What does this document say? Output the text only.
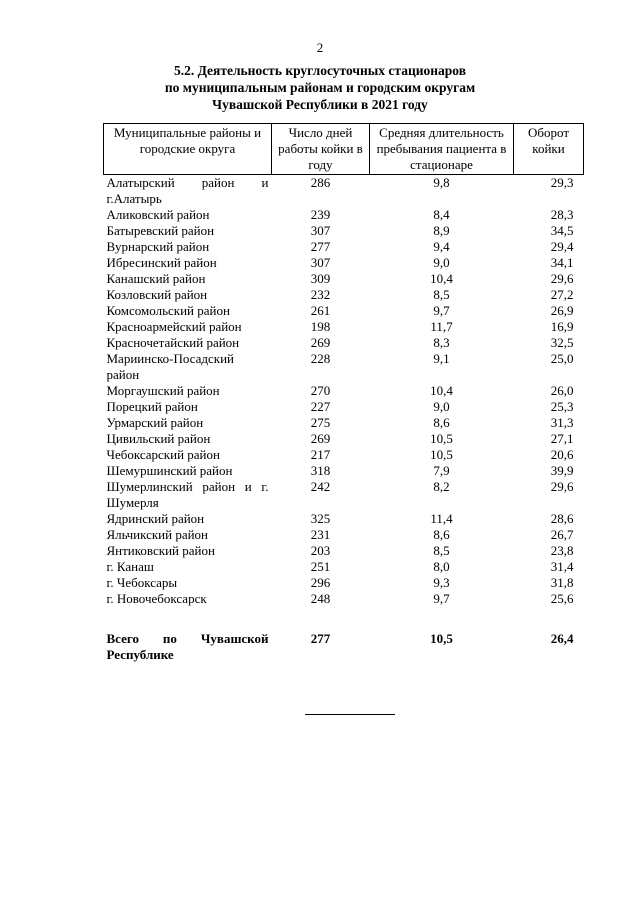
2
5.2. Деятельность круглосуточных стационаров
по муниципальным районам и городским округам
Чувашской Республики в 2021 году
Муниципальные районы и городские округа	Число дней работы койки в году	Средняя длительность пребывания пациента в стационаре	Оборот койки
Алатырский район и г.Алатырь	286	9,8	29,3
Аликовский район	239	8,4	28,3
Батыревский район	307	8,9	34,5
Вурнарский район	277	9,4	29,4
Ибресинский район	307	9,0	34,1
Канашский район	309	10,4	29,6
Козловский район	232	8,5	27,2
Комсомольский район	261	9,7	26,9
Красноармейский район	198	11,7	16,9
Красночетайский район	269	8,3	32,5
Мариинско-Посадский район	228	9,1	25,0
Моргаушский район	270	10,4	26,0
Порецкий район	227	9,0	25,3
Урмарский район	275	8,6	31,3
Цивильский район	269	10,5	27,1
Чебоксарский район	217	10,5	20,6
Шемуршинский район	318	7,9	39,9
Шумерлинский район и г. Шумерля	242	8,2	29,6
Ядринский район	325	11,4	28,6
Яльчикский район	231	8,6	26,7
Янтиковский район	203	8,5	23,8
г. Канаш	251	8,0	31,4
г. Чебоксары	296	9,3	31,8
г. Новочебоксарск	248	9,7	25,6
Всего по Чувашской Республике	277	10,5	26,4
